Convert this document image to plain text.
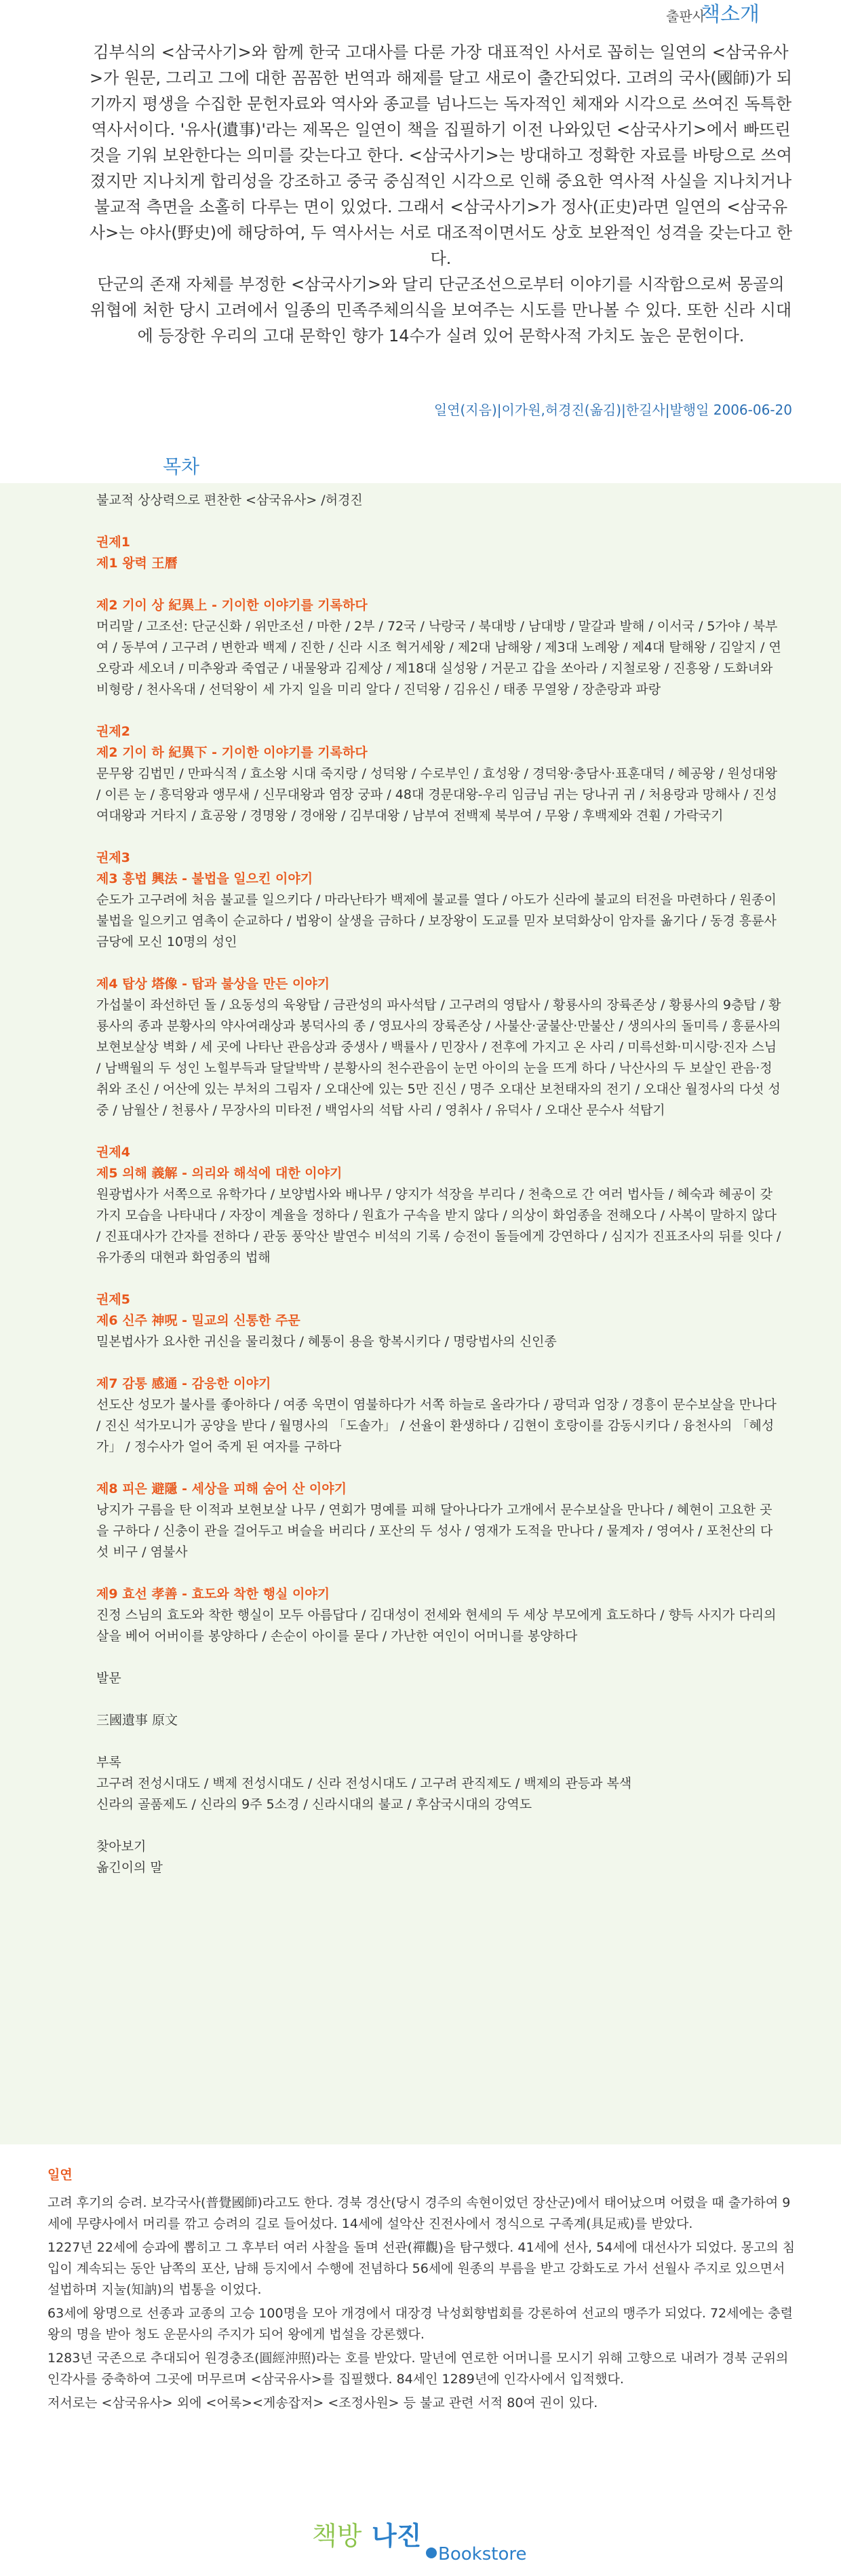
출판사
책소개

김부식의 <삼국사기>와 함께 한국 고대사를 다룬 가장 대표적인 사서로 꼽히는 일연의 <삼국유사>가 원문, 그리고 그에 대한 꼼꼼한 번역과 해제를 달고 새로이 출간되었다. 고려의 국사(國師)가 되기까지 평생을 수집한 문헌자료와 역사와 종교를 넘나드는 독자적인 체재와 시각으로 쓰여진 독특한 역사서이다. '유사(遺事)'라는 제목은 일연이 책을 집필하기 이전 나와있던 <삼국사기>에서 빠뜨린 것을 기워 보완한다는 의미를 갖는다고 한다. <삼국사기>는 방대하고 정확한 자료를 바탕으로 쓰여졌지만 지나치게 합리성을 강조하고 중국 중심적인 시각으로 인해 중요한 역사적 사실을 지나치거나 불교적 측면을 소홀히 다루는 면이 있었다. 그래서 <삼국사기>가 정사(正史)라면 일연의 <삼국유사>는 야사(野史)에 해당하여, 두 역사서는 서로 대조적이면서도 상호 보완적인 성격을 갖는다고 한다.

단군의 존재 자체를 부정한 <삼국사기>와 달리 단군조선으로부터 이야기를 시작함으로써 몽골의 위협에 처한 당시 고려에서 일종의 민족주체의식을 보여주는 시도를 만나볼 수 있다. 또한 신라 시대에 등장한 우리의 고대 문학인 향가 14수가 실려 있어 문학사적 가치도 높은 문헌이다.

일연(지음)|이가원,허경진(옮김)|한길사|발행일 2006-06-20
목차
불교적 상상력으로 편찬한 <삼국유사> /허경진
권제1
제1 왕력 王曆
제2 기이 상 紀異上 - 기이한 이야기를 기록하다
머리말 / 고조선: 단군신화 / 위만조선 / 마한 / 2부 / 72국 / 낙랑국 / 북대방 / 남대방 / 말갈과 발해 / 이서국 / 5가야 / 북부여 / 동부여 / 고구려 / 변한과 백제 / 진한 / 신라 시조 혁거세왕 / 제2대 남해왕 / 제3대 노례왕 / 제4대 탈해왕 / 김알지 / 연오랑과 세오녀 / 미추왕과 죽엽군 / 내물왕과 김제상 / 제18대 실성왕 / 거문고 갑을 쏘아라 / 지철로왕 / 진흥왕 / 도화녀와 비형랑 / 천사옥대 / 선덕왕이 세 가지 일을 미리 알다 / 진덕왕 / 김유신 / 태종 무열왕 / 장춘랑과 파랑
권제2
제2 기이 하 紀異下 - 기이한 이야기를 기록하다
문무왕 김법민 / 만파식적 / 효소왕 시대 죽지랑 / 성덕왕 / 수로부인 / 효성왕 / 경덕왕·충담사·표훈대덕 / 혜공왕 / 원성대왕 / 이른 눈 / 흥덕왕과 앵무새 / 신무대왕과 염장 궁파 / 48대 경문대왕-우리 임금님 귀는 당나귀 귀 / 처용랑과 망해사 / 진성여대왕과 거타지 / 효공왕 / 경명왕 / 경애왕 / 김부대왕 / 남부여 전백제 북부여 / 무왕 / 후백제와 견훤 / 가락국기
권제3
제3 흥법 興法 - 불법을 일으킨 이야기
순도가 고구려에 처음 불교를 일으키다 / 마라난타가 백제에 불교를 열다 / 아도가 신라에 불교의 터전을 마련하다 / 원종이 불법을 일으키고 염촉이 순교하다 / 법왕이 살생을 금하다 / 보장왕이 도교를 믿자 보덕화상이 암자를 옮기다 / 동경 흥륜사 금당에 모신 10명의 성인
제4 탑상 塔像 - 탑과 불상을 만든 이야기
가섭불이 좌선하던 돌 / 요동성의 육왕탑 / 금관성의 파사석탑 / 고구려의 영탑사 / 황룡사의 장륙존상 / 황룡사의 9층탑 / 황룡사의 종과 분황사의 약사여래상과 봉덕사의 종 / 영묘사의 장륙존상 / 사불산·굴불산·만불산 / 생의사의 돌미륵 / 흥륜사의 보현보살상 벽화 / 세 곳에 나타난 관음상과 중생사 / 백률사 / 민장사 / 전후에 가지고 온 사리 / 미륵선화·미시랑·진자 스님 / 남백월의 두 성인 노힐부득과 달달박박 / 분황사의 천수관음이 눈먼 아이의 눈을 뜨게 하다 / 낙산사의 두 보살인 관음·정취와 조신 / 어산에 있는 부처의 그림자 / 오대산에 있는 5만 진신 / 명주 오대산 보천태자의 전기 / 오대산 월정사의 다섯 성중 / 남월산 / 천룡사 / 무장사의 미타전 / 백엄사의 석탑 사리 / 영취사 / 유덕사 / 오대산 문수사 석탑기
권제4
제5 의해 義解 - 의리와 해석에 대한 이야기
원광법사가 서쪽으로 유학가다 / 보양법사와 배나무 / 양지가 석장을 부리다 / 천축으로 간 여러 법사들 / 혜숙과 혜공이 갖가지 모습을 나타내다 / 자장이 계율을 정하다 / 원효가 구속을 받지 않다 / 의상이 화엄종을 전해오다 / 사복이 말하지 않다 / 진표대사가 간자를 전하다 / 관동 풍악산 발연수 비석의 기록 / 승전이 돌들에게 강연하다 / 심지가 진표조사의 뒤를 잇다 / 유가종의 대현과 화엄종의 법해
권제5
제6 신주 神呪 - 밀교의 신통한 주문
밀본법사가 요사한 귀신을 물리쳤다 / 혜통이 용을 항복시키다 / 명랑법사의 신인종
제7 감통 感通 - 감응한 이야기
선도산 성모가 불사를 좋아하다 / 여종 욱면이 염불하다가 서쪽 하늘로 올라가다 / 광덕과 엄장 / 경흥이 문수보살을 만나다 / 진신 석가모니가 공양을 받다 / 월명사의 「도솔가」 / 선율이 환생하다 / 김현이 호랑이를 감동시키다 / 융천사의 「혜성가」 / 정수사가 얼어 죽게 된 여자를 구하다
제8 피은 避隱 - 세상을 피해 숨어 산 이야기
낭지가 구름을 탄 이적과 보현보살 나무 / 연회가 명예를 피해 달아나다가 고개에서 문수보살을 만나다 / 혜현이 고요한 곳을 구하다 / 신충이 관을 걸어두고 벼슬을 버리다 / 포산의 두 성사 / 영재가 도적을 만나다 / 물계자 / 영여사 / 포천산의 다섯 비구 / 염불사
제9 효선 孝善 - 효도와 착한 행실 이야기
진정 스님의 효도와 착한 행실이 모두 아름답다 / 김대성이 전세와 현세의 두 세상 부모에게 효도하다 / 향득 사지가 다리의 살을 베어 어버이를 봉양하다 / 손순이 아이를 묻다 / 가난한 여인이 어머니를 봉양하다
발문
三國遺事 原文
부록
고구려 전성시대도 / 백제 전성시대도 / 신라 전성시대도 / 고구려 관직제도 / 백제의 관등과 복색
신라의 골품제도 / 신라의 9주 5소경 / 신라시대의 불교 / 후삼국시대의 강역도
찾아보기
옮긴이의 말
일연

고려 후기의 승려. 보각국사(普覺國師)라고도 한다. 경북 경산(당시 경주의 속현이었던 장산군)에서 태어났으며 어렸을 때 출가하여 9세에 무량사에서 머리를 깎고 승려의 길로 들어섰다. 14세에 설악산 진전사에서 정식으로 구족계(具足戒)를 받았다.

1227년 22세에 승과에 뽑히고 그 후부터 여러 사찰을 돌며 선관(禪觀)을 탐구했다. 41세에 선사, 54세에 대선사가 되었다. 몽고의 침입이 계속되는 동안 남쪽의 포산, 남해 등지에서 수행에 전념하다 56세에 원종의 부름을 받고 강화도로 가서 선월사 주지로 있으면서 설법하며 지눌(知訥)의 법통을 이었다.

63세에 왕명으로 선종과 교종의 고승 100명을 모아 개경에서 대장경 낙성회향법회를 강론하여 선교의 맹주가 되었다. 72세에는 충렬왕의 명을 받아 청도 운문사의 주지가 되어 왕에게 법설을 강론했다.

1283년 국존으로 추대되어 원경충조(圓經沖照)라는 호를 받았다. 말년에 연로한 어머니를 모시기 위해 고향으로 내려가 경북 군위의 인각사를 중축하여 그곳에 머무르며 <삼국유사>를 집필했다. 84세인 1289년에 인각사에서 입적했다.

저서로는 <삼국유사> 외에 <어록><게송잡저> <조정사원> 등 불교 관련 서적 80여 권이 있다.

책방 나진
Bookstore
